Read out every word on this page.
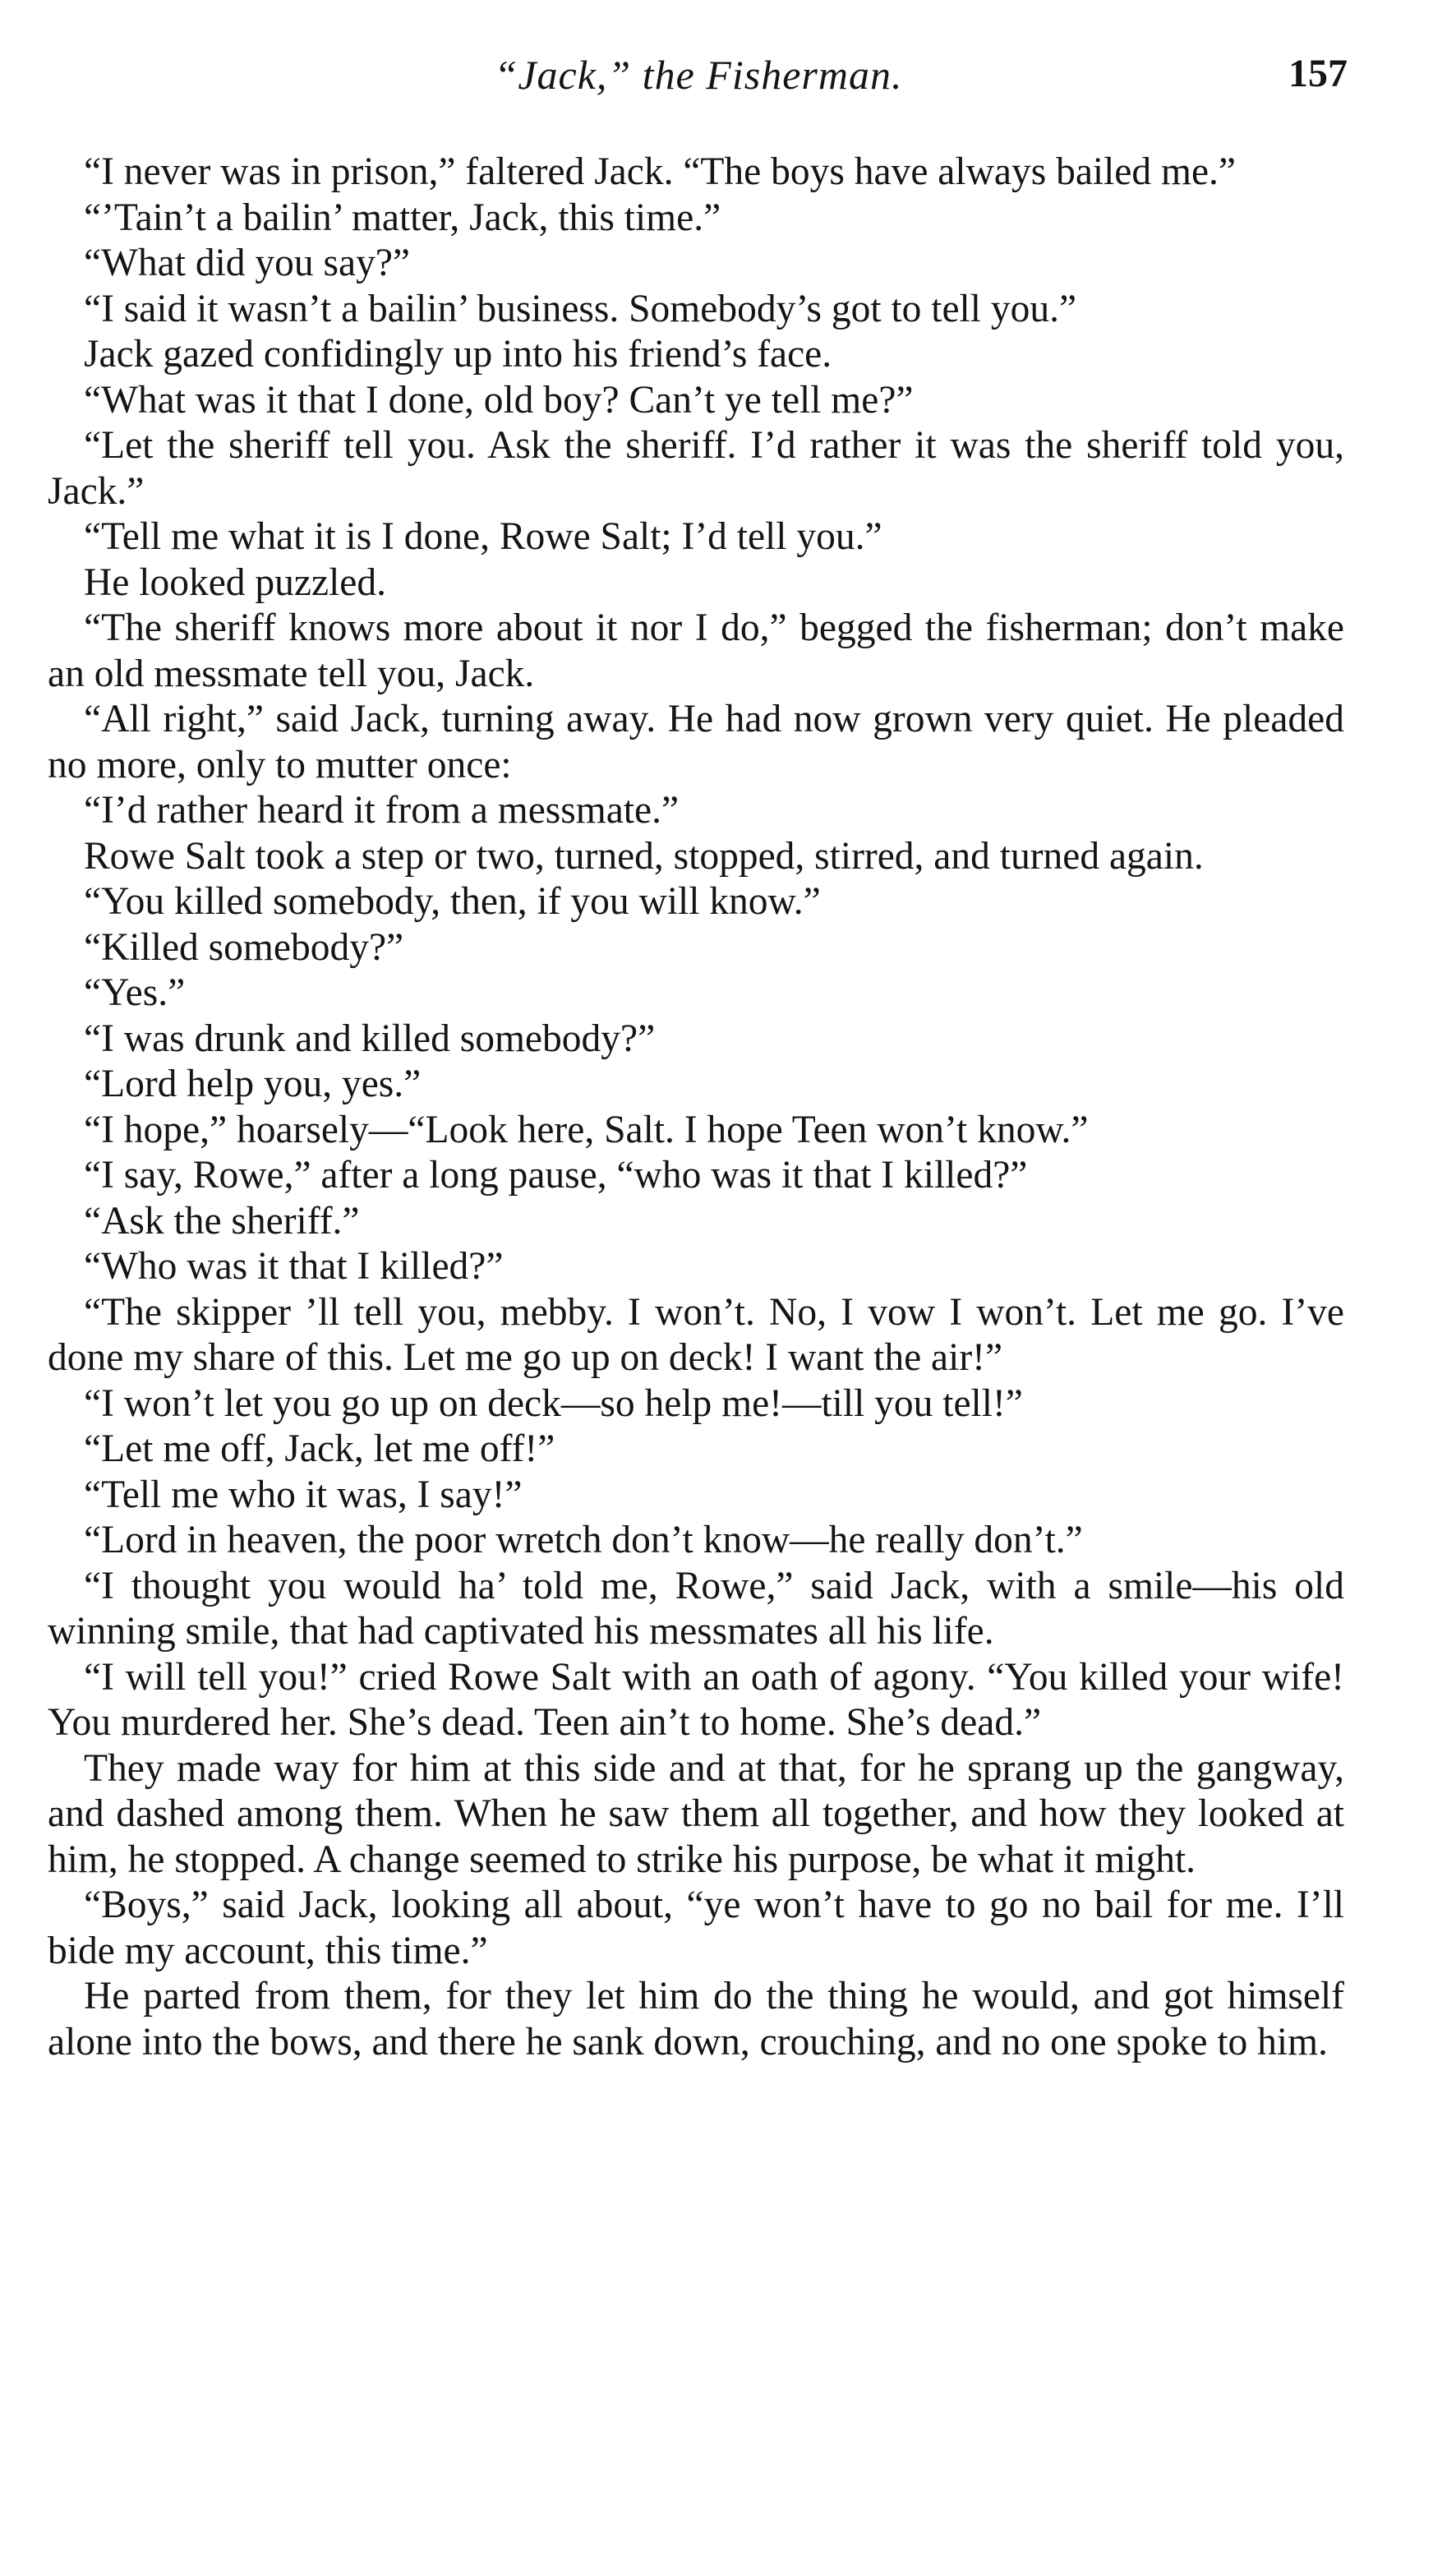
“Jack,” the Fisherman.	157

“I never was in prison,” faltered Jack. “The boys have always bailed me.”

“’Tain’t a bailin’ matter, Jack, this time.”

“What did you say?”

“I said it wasn’t a bailin’ business. Somebody’s got to tell you.”

Jack gazed confidingly up into his friend’s face.

“What was it that I done, old boy? Can’t ye tell me?”

“Let the sheriff tell you. Ask the sheriff. I’d rather it was the sheriff told you, Jack.”

“Tell me what it is I done, Rowe Salt; I’d tell you.”

He looked puzzled.

“The sheriff knows more about it nor I do,” begged the fisherman; don’t make an old messmate tell you, Jack.

“All right,” said Jack, turning away. He had now grown very quiet. He pleaded no more, only to mutter once:

“I’d rather heard it from a messmate.”

Rowe Salt took a step or two, turned, stopped, stirred, and turned again.

“You killed somebody, then, if you will know.”

“Killed somebody?”

“Yes.”

“I was drunk and killed somebody?”

“Lord help you, yes.”

“I hope,” hoarsely—“Look here, Salt. I hope Teen won’t know.”

“I say, Rowe,” after a long pause, “who was it that I killed?”

“Ask the sheriff.”

“Who was it that I killed?”

“The skipper ’ll tell you, mebby. I won’t. No, I vow I won’t. Let me go. I’ve done my share of this. Let me go up on deck! I want the air!”

“I won’t let you go up on deck—so help me!—till you tell!”

“Let me off, Jack, let me off!”

“Tell me who it was, I say!”

“Lord in heaven, the poor wretch don’t know—he really don’t.”

“I thought you would ha’ told me, Rowe,” said Jack, with a smile—his old winning smile, that had captivated his messmates all his life.

“I will tell you!” cried Rowe Salt with an oath of agony. “You killed your wife! You murdered her. She’s dead. Teen ain’t to home. She’s dead.”

They made way for him at this side and at that, for he sprang up the gangway, and dashed among them. When he saw them all together, and how they looked at him, he stopped. A change seemed to strike his purpose, be what it might.

“Boys,” said Jack, looking all about, “ye won’t have to go no bail for me. I’ll bide my account, this time.”

He parted from them, for they let him do the thing he would, and got himself alone into the bows, and there he sank down, crouching, and no one spoke to him.
